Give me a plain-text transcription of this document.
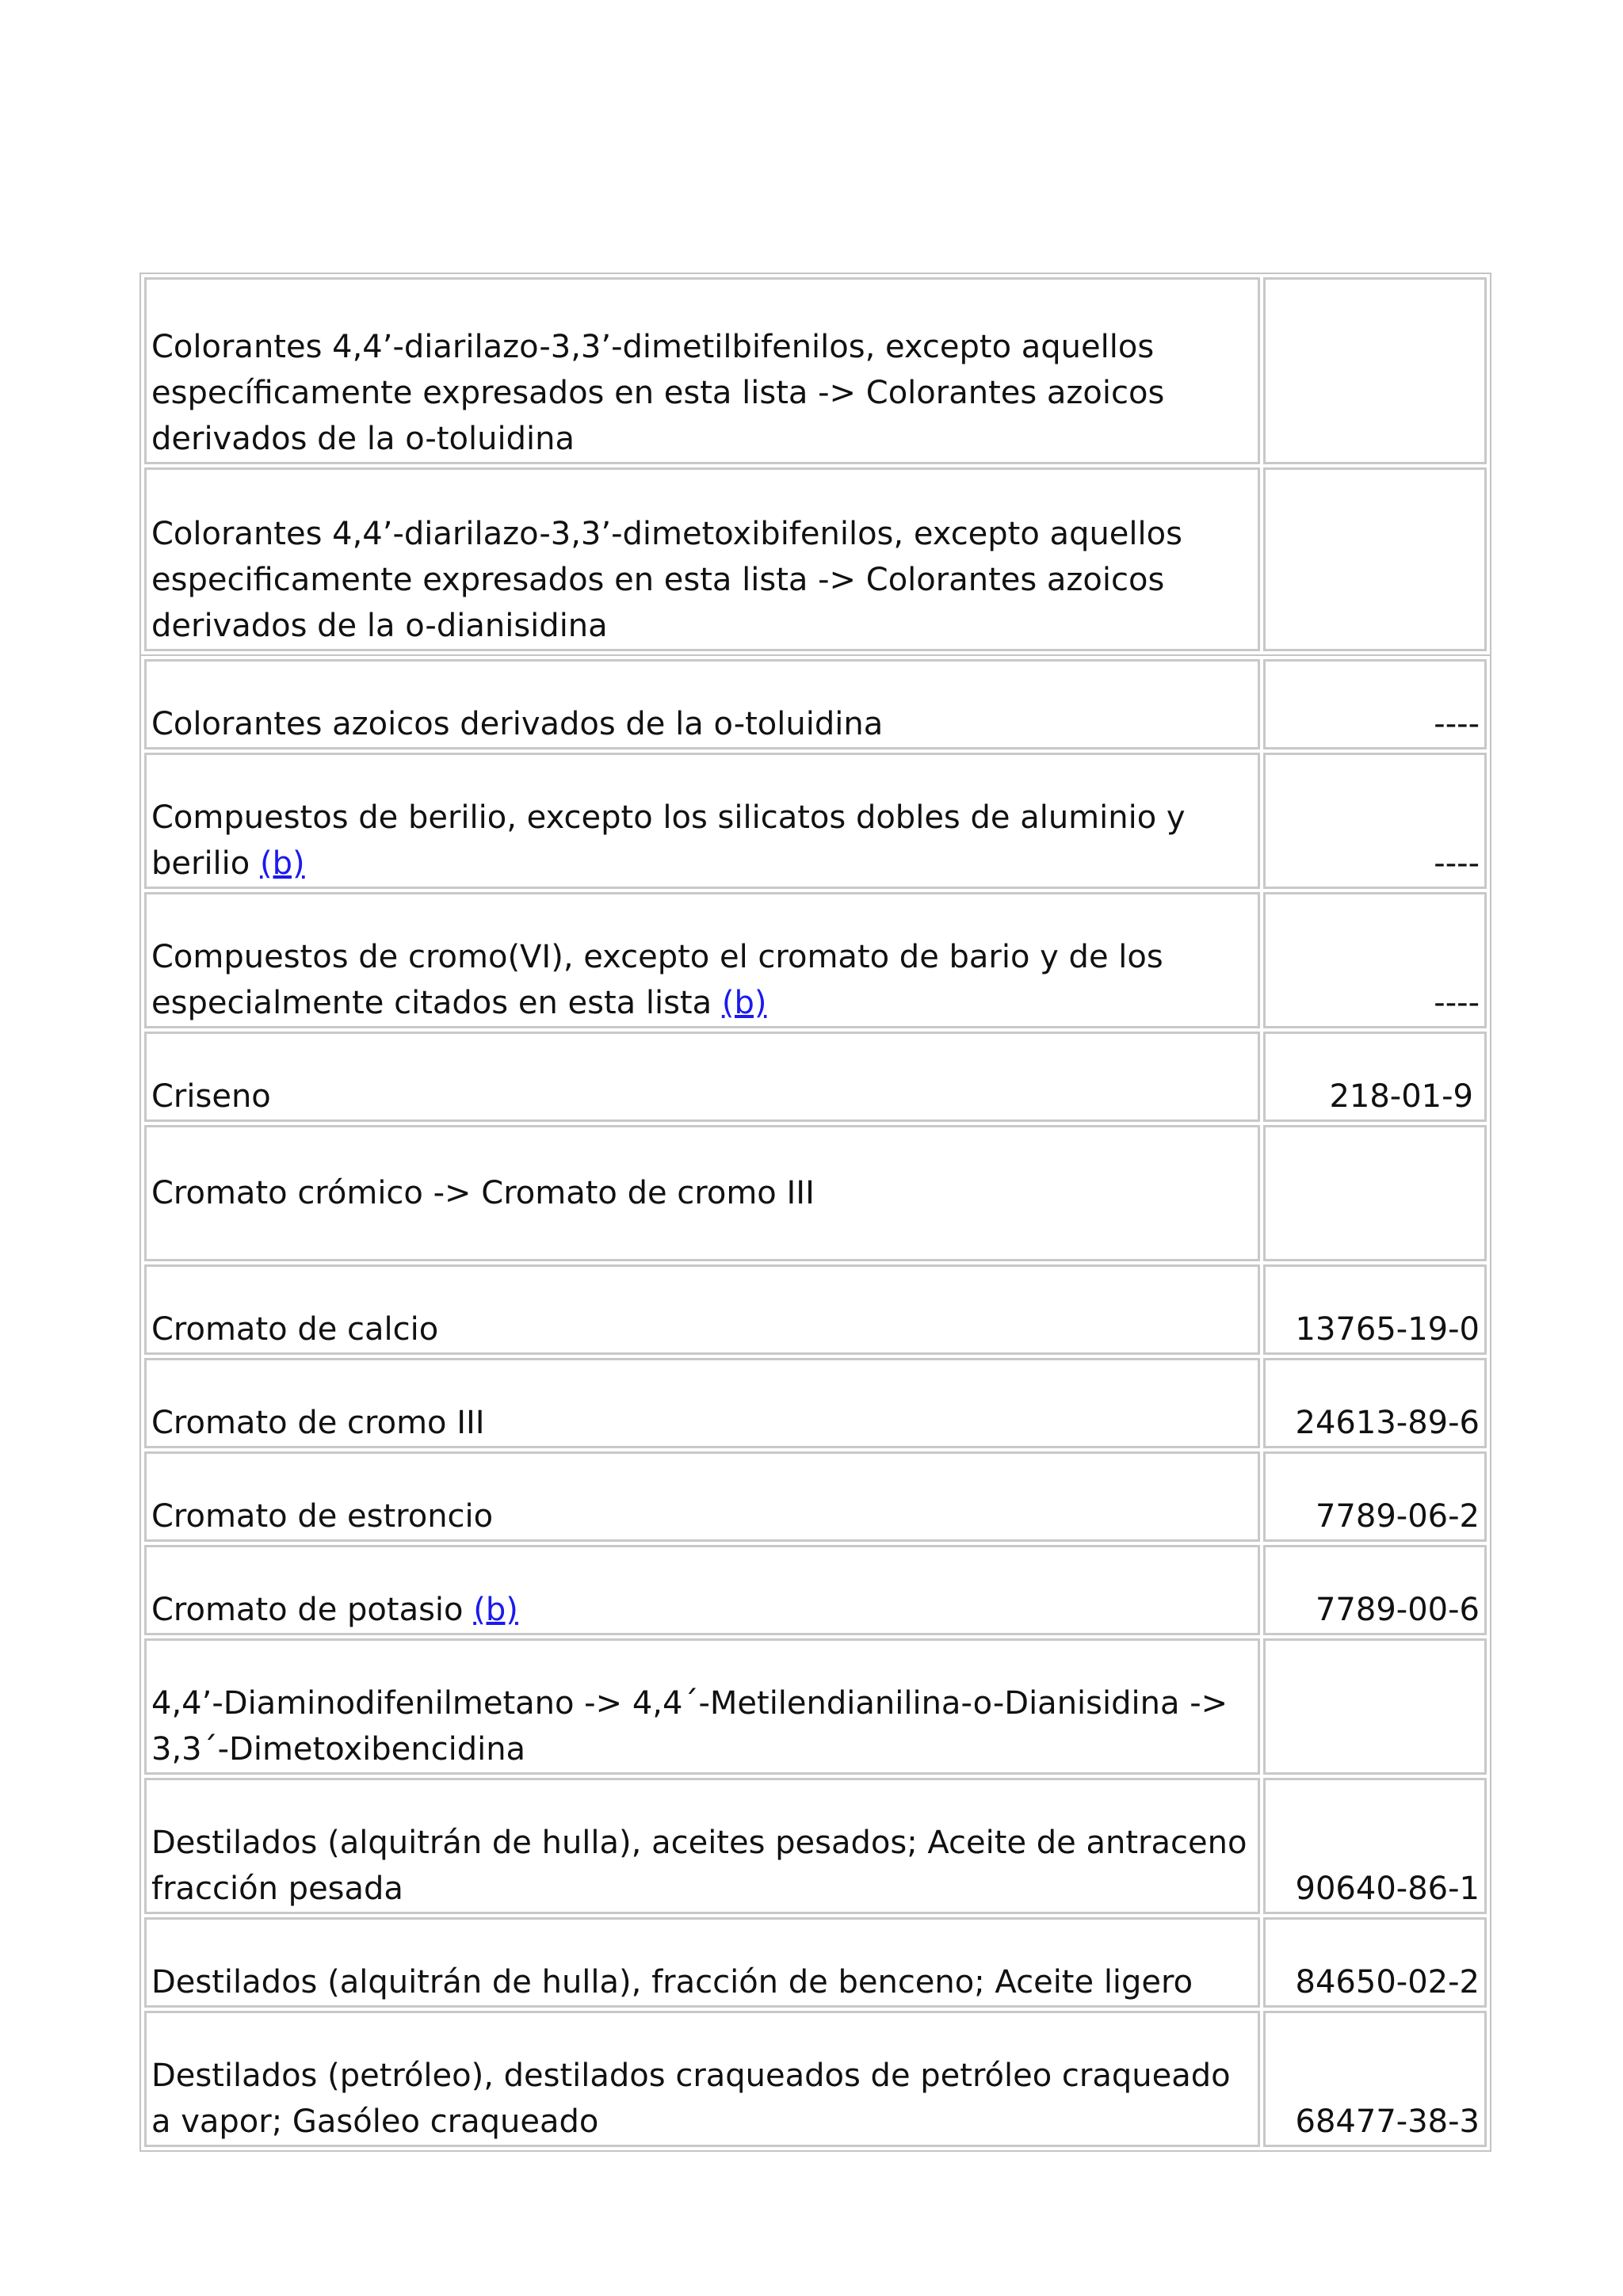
Colorantes 4,4’-diarilazo-3,3’-dimetilbifenilos, excepto aquellos específicamente expresados en esta lista -> Colorantes azoicos derivados de la o-toluidina	
Colorantes 4,4’-diarilazo-3,3’-dimetoxibifenilos, excepto aquellos especificamente expresados en esta lista -> Colorantes azoicos derivados de la o-dianisidina	
Colorantes azoicos derivados de la o-toluidina	----
Compuestos de berilio, excepto los silicatos dobles de aluminio y berilio (b)	----
Compuestos de cromo(VI), excepto el cromato de bario y de los especialmente citados en esta lista (b)	----
Criseno	218-01-9
Cromato crómico -> Cromato de cromo III	
Cromato de calcio	13765-19-0
Cromato de cromo III	24613-89-6
Cromato de estroncio	7789-06-2
Cromato de potasio (b)	7789-00-6
4,4’-Diaminodifenilmetano -> 4,4´-Metilendianilina-o-Dianisidina -> 3,3´-Dimetoxibencidina	
Destilados (alquitrán de hulla), aceites pesados; Aceite de antraceno fracción pesada	90640-86-1
Destilados (alquitrán de hulla), fracción de benceno; Aceite ligero	84650-02-2
Destilados (petróleo), destilados craqueados de petróleo craqueado a vapor; Gasóleo craqueado	68477-38-3
